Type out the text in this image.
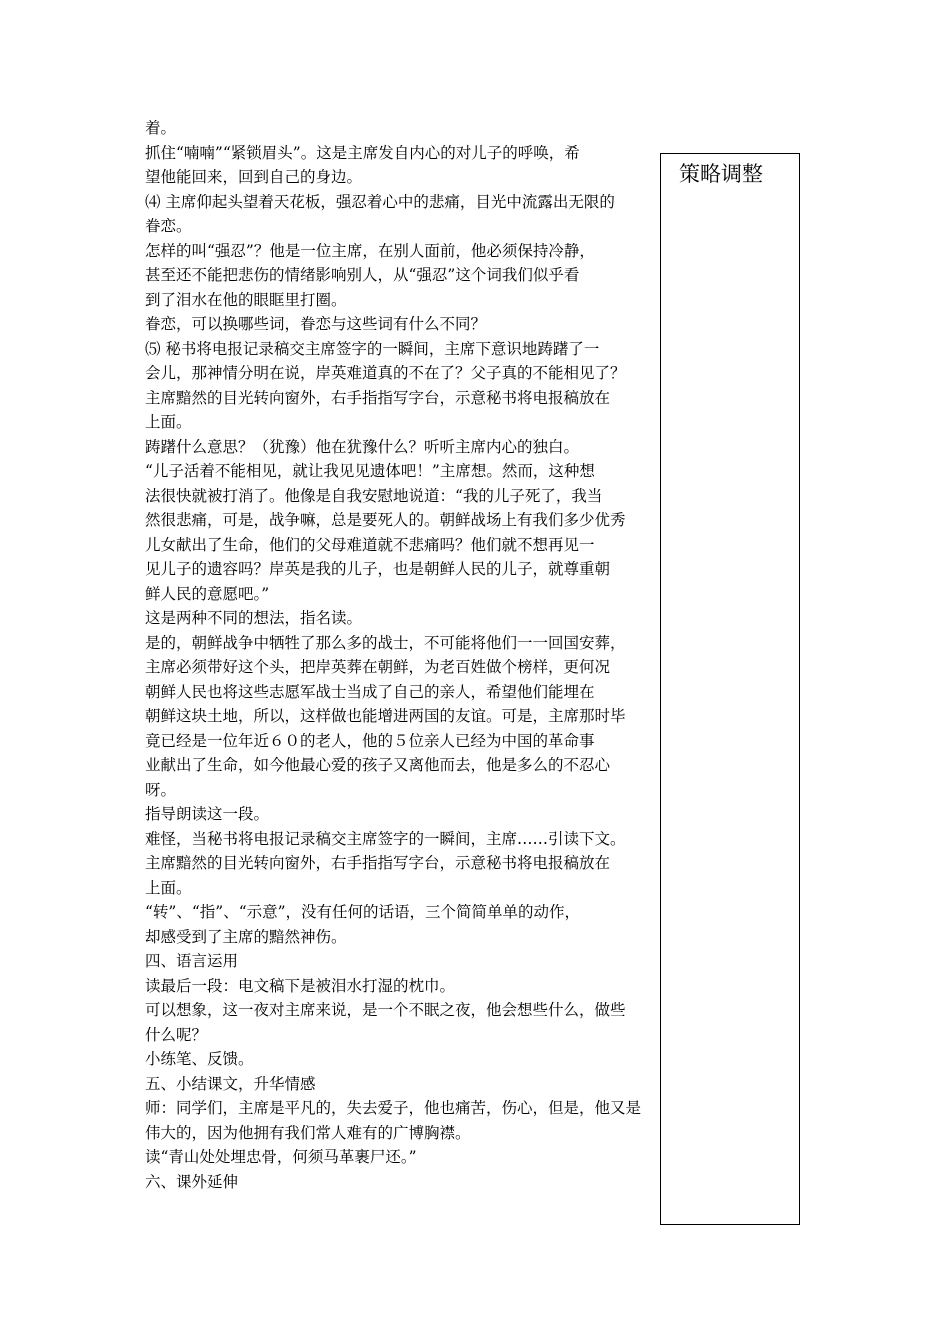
着。
抓住“喃喃”“紧锁眉头”。这是主席发自内心的对儿子的呼唤，希
望他能回来，回到自己的身边。
⑷ 主席仰起头望着天花板，强忍着心中的悲痛，目光中流露出无限的
眷恋。
怎样的叫“强忍”？他是一位主席，在别人面前，他必须保持冷静，
甚至还不能把悲伤的情绪影响别人，从“强忍”这个词我们似乎看
到了泪水在他的眼眶里打圈。
眷恋，可以换哪些词，眷恋与这些词有什么不同？
⑸ 秘书将电报记录稿交主席签字的一瞬间，主席下意识地踌躇了一
会儿，那神情分明在说，岸英难道真的不在了？父子真的不能相见了？
主席黯然的目光转向窗外，右手指指写字台，示意秘书将电报稿放在
上面。
踌躇什么意思？（犹豫）他在犹豫什么？听听主席内心的独白。
“儿子活着不能相见，就让我见见遗体吧！”主席想。然而，这种想
法很快就被打消了。他像是自我安慰地说道：“我的儿子死了，我当
然很悲痛，可是，战争嘛，总是要死人的。朝鲜战场上有我们多少优秀
儿女献出了生命，他们的父母难道就不悲痛吗？他们就不想再见一
见儿子的遗容吗？岸英是我的儿子，也是朝鲜人民的儿子，就尊重朝
鲜人民的意愿吧。”
这是两种不同的想法，指名读。
是的，朝鲜战争中牺牲了那么多的战士，不可能将他们一一回国安葬，
主席必须带好这个头，把岸英葬在朝鲜，为老百姓做个榜样，更何况
朝鲜人民也将这些志愿军战士当成了自己的亲人，希望他们能埋在
朝鲜这块土地，所以，这样做也能增进两国的友谊。可是，主席那时毕
竟已经是一位年近６０的老人，他的５位亲人已经为中国的革命事
业献出了生命，如今他最心爱的孩子又离他而去，他是多么的不忍心
呀。
指导朗读这一段。
难怪，当秘书将电报记录稿交主席签字的一瞬间，主席……引读下文。
主席黯然的目光转向窗外，右手指指写字台，示意秘书将电报稿放在
上面。
“转”、“指”、“示意”，没有任何的话语，三个简简单单的动作，
却感受到了主席的黯然神伤。
四、语言运用
读最后一段：电文稿下是被泪水打湿的枕巾。
可以想象，这一夜对主席来说，是一个不眠之夜，他会想些什么，做些
什么呢？
小练笔、反馈。
五、小结课文，升华情感
师：同学们，主席是平凡的，失去爱子，他也痛苦，伤心，但是，他又是
伟大的，因为他拥有我们常人难有的广博胸襟。
读“青山处处埋忠骨，何须马革裹尸还。”
六、课外延伸
策略调整
